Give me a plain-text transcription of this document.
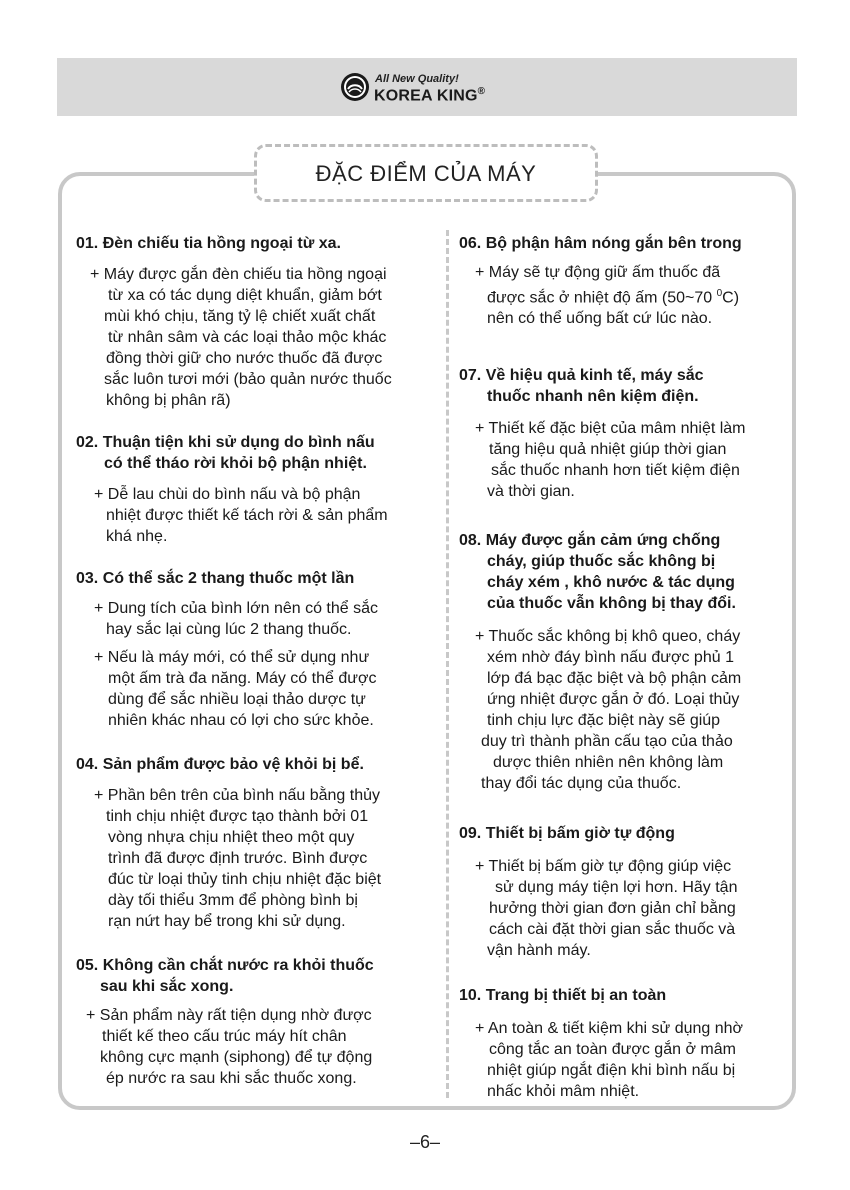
All New Quality!
KOREA KING®
ĐẶC ĐIỂM CỦA MÁY
01. Đèn chiếu tia hồng ngoại từ xa.
+ Máy được gắn đèn chiếu tia hồng ngoại
từ xa có tác dụng diệt khuẩn, giảm bớt
mùi khó chịu, tăng tỷ lệ chiết xuất chất
từ nhân sâm và các loại thảo mộc khác
đồng thời giữ cho nước thuốc đã được
sắc luôn tươi mới (bảo quản nước thuốc
không bị phân rã)
02. Thuận tiện khi sử dụng do bình nấu
có thể tháo rời khỏi bộ phận nhiệt.
+ Dễ lau chùi do bình nấu và bộ phận
nhiệt được thiết kế tách rời & sản phẩm
khá nhẹ.
03. Có thể sắc 2 thang thuốc một lần
+ Dung tích của bình lớn nên có thể sắc
hay sắc lại cùng lúc 2 thang thuốc.
+ Nếu là máy mới, có thể sử dụng như
một ấm trà đa năng. Máy có thể được
dùng để sắc nhiều loại thảo dược tự
nhiên khác nhau có lợi cho sức khỏe.
04. Sản phẩm được bảo vệ khỏi bị bể.
+ Phần bên trên của bình nấu bằng thủy
tinh chịu nhiệt được tạo thành bởi 01
vòng nhựa chịu nhiệt theo một quy
trình đã được định trước. Bình được
đúc từ loại thủy tinh chịu nhiệt đặc biệt
dày tối thiểu 3mm để phòng bình bị
rạn nứt hay bể trong khi sử dụng.
05. Không cần chắt nước ra khỏi thuốc
sau khi sắc xong.
+ Sản phẩm này rất tiện dụng nhờ được
thiết kế theo cấu trúc máy hít chân
không cực mạnh (siphong) để tự động
ép nước ra sau khi sắc thuốc xong.
06. Bộ phận hâm nóng gắn bên trong
+ Máy sẽ tự động giữ ấm thuốc đã
được sắc ở nhiệt độ ấm (50~70 $^0$C)
nên có thể uống bất cứ lúc nào.
07. Về hiệu quả kinh tế, máy sắc
thuốc nhanh nên kiệm điện.
+ Thiết kế đặc biệt của mâm nhiệt làm
tăng hiệu quả nhiệt giúp thời gian
sắc thuốc nhanh hơn tiết kiệm điện
và thời gian.
08. Máy được gắn cảm ứng chống
cháy, giúp thuốc sắc không bị
cháy xém , khô nước & tác dụng
của thuốc vẫn không bị thay đổi.
+ Thuốc sắc không bị khô queo, cháy
xém nhờ đáy bình nấu được phủ 1
lớp đá bạc đặc biệt và bộ phận cảm
ứng nhiệt được gắn ở đó. Loại thủy
tinh chịu lực đặc biệt này sẽ giúp
duy trì thành phần cấu tạo của thảo
dược thiên nhiên nên không làm
thay đổi tác dụng của thuốc.
09. Thiết bị bấm giờ tự động
+ Thiết bị bấm giờ tự động giúp việc
sử dụng máy tiện lợi hơn. Hãy tận
hưởng thời gian đơn giản chỉ bằng
cách cài đặt thời gian sắc thuốc và
vận hành máy.
10. Trang bị thiết bị an toàn
+ An toàn & tiết kiệm khi sử dụng nhờ
công tắc an toàn được gắn ở mâm
nhiệt giúp ngắt điện khi bình nấu bị
nhấc khỏi mâm nhiệt.
–6–
